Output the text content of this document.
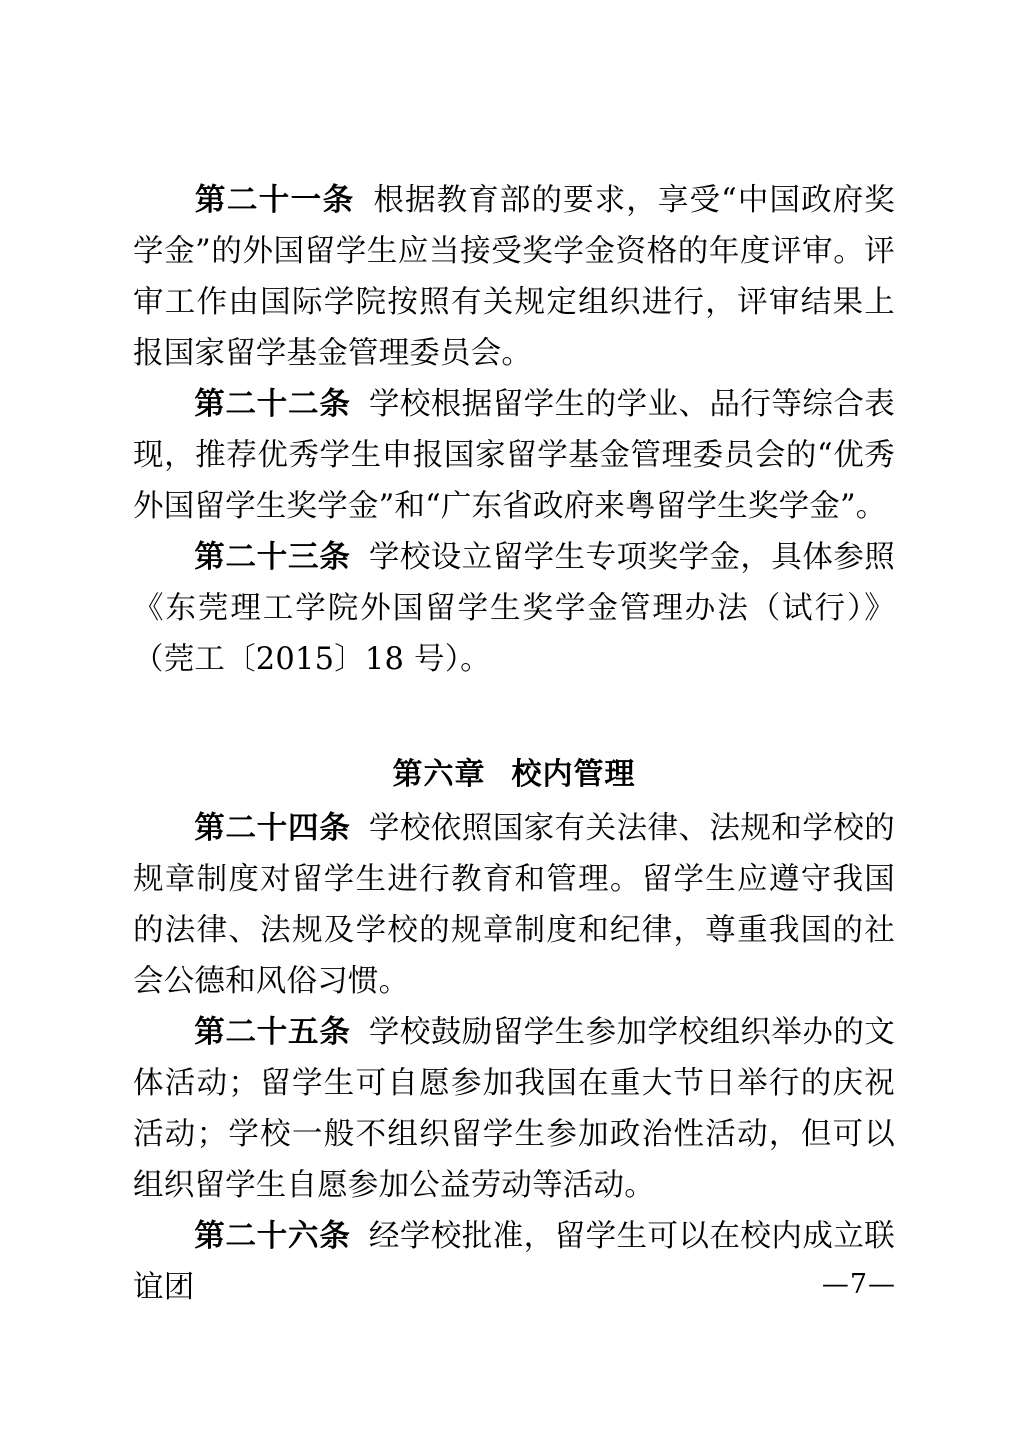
第二十一条 根据教育部的要求，享受“中国政府奖学金”的外国留学生应当接受奖学金资格的年度评审。评审工作由国际学院按照有关规定组织进行，评审结果上报国家留学基金管理委员会。

第二十二条 学校根据留学生的学业、品行等综合表现，推荐优秀学生申报国家留学基金管理委员会的“优秀外国留学生奖学金”和“广东省政府来粤留学生奖学金”。

第二十三条 学校设立留学生专项奖学金，具体参照《东莞理工学院外国留学生奖学金管理办法（试行）》（莞工〔2015〕18 号）。

第六章 校内管理

第二十四条 学校依照国家有关法律、法规和学校的规章制度对留学生进行教育和管理。留学生应遵守我国的法律、法规及学校的规章制度和纪律，尊重我国的社会公德和风俗习惯。

第二十五条 学校鼓励留学生参加学校组织举办的文体活动；留学生可自愿参加我国在重大节日举行的庆祝活动；学校一般不组织留学生参加政治性活动，但可以组织留学生自愿参加公益劳动等活动。

第二十六条 经学校批准，留学生可以在校内成立联谊团	—7—
